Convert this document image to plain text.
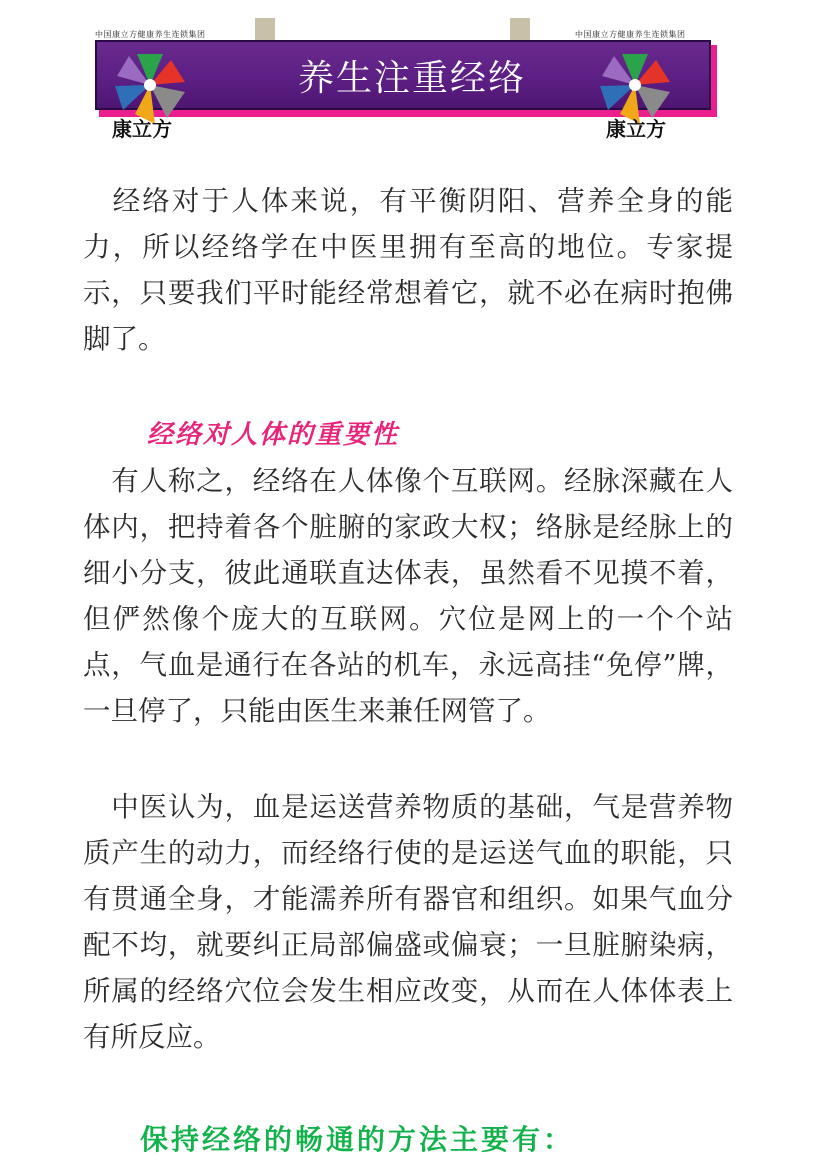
中国康立方健康养生连锁集团	中国康立方健康养生连锁集团
养生注重经络
康立方	康立方
　经络对于人体来说，有平衡阴阳、营养全身的能力，所以经络学在中医里拥有至高的地位。专家提示，只要我们平时能经常想着它，就不必在病时抱佛脚了。
经络对人体的重要性
　有人称之，经络在人体像个互联网。经脉深藏在人体内，把持着各个脏腑的家政大权；络脉是经脉上的细小分支，彼此通联直达体表，虽然看不见摸不着，但俨然像个庞大的互联网。穴位是网上的一个个站点，气血是通行在各站的机车，永远高挂“免停”牌，一旦停了，只能由医生来兼任网管了。
　中医认为，血是运送营养物质的基础，气是营养物质产生的动力，而经络行使的是运送气血的职能，只有贯通全身，才能濡养所有器官和组织。如果气血分配不均，就要纠正局部偏盛或偏衰；一旦脏腑染病，所属的经络穴位会发生相应改变，从而在人体体表上有所反应。
保持经络的畅通的方法主要有：
